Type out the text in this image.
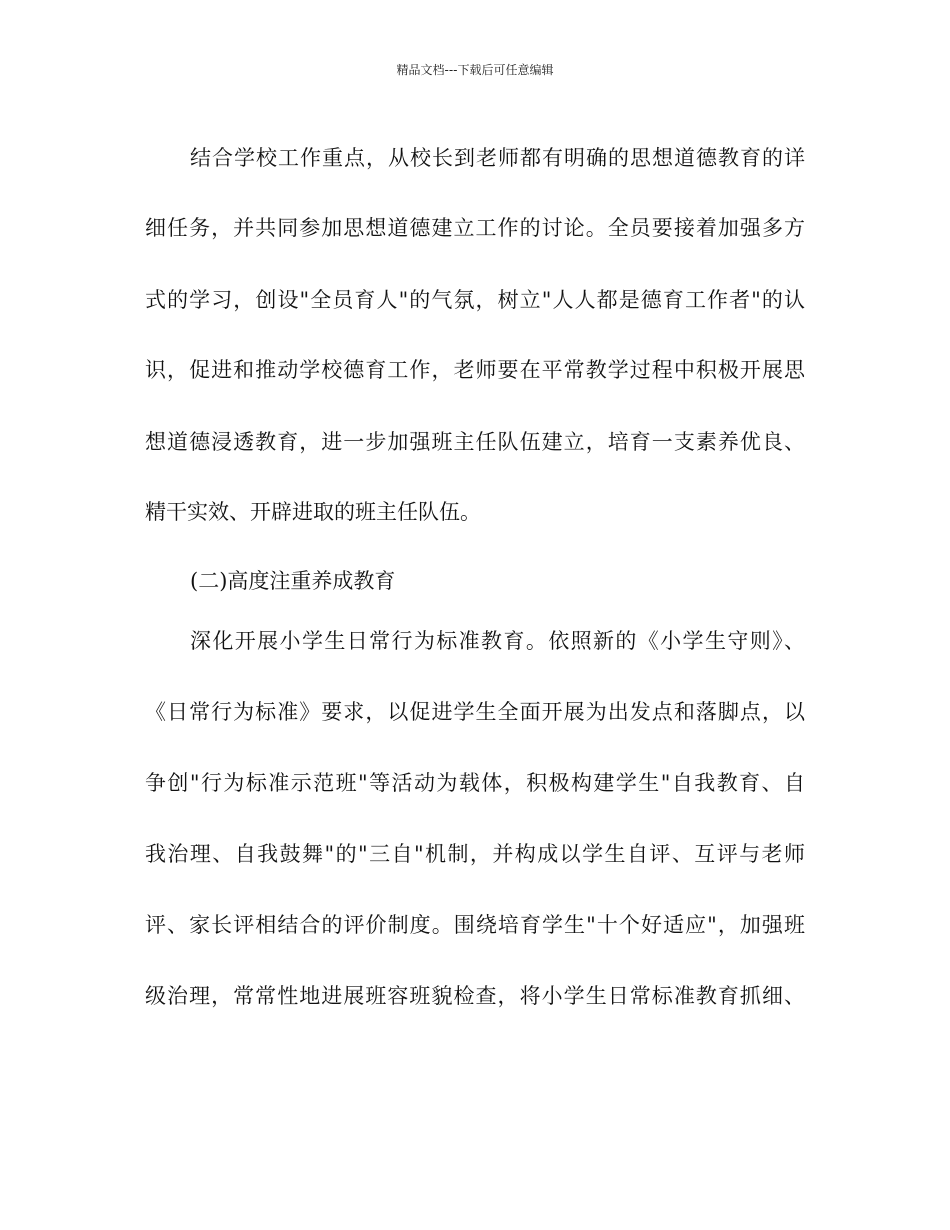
精品文档---下载后可任意编辑
结合学校工作重点，从校长到老师都有明确的思想道德教育的详
细任务，并共同参加思想道德建立工作的讨论。全员要接着加强多方
式的学习，创设"全员育人"的气氛，树立"人人都是德育工作者"的认
识，促进和推动学校德育工作，老师要在平常教学过程中积极开展思
想道德浸透教育，进一步加强班主任队伍建立，培育一支素养优良、
精干实效、开辟进取的班主任队伍。
(二)高度注重养成教育
深化开展小学生日常行为标准教育。依照新的《小学生守则》、
《日常行为标准》要求，以促进学生全面开展为出发点和落脚点，以
争创"行为标准示范班"等活动为载体，积极构建学生"自我教育、自
我治理、自我鼓舞"的"三自"机制，并构成以学生自评、互评与老师
评、家长评相结合的评价制度。围绕培育学生"十个好适应"，加强班
级治理，常常性地进展班容班貌检查，将小学生日常标准教育抓细、
